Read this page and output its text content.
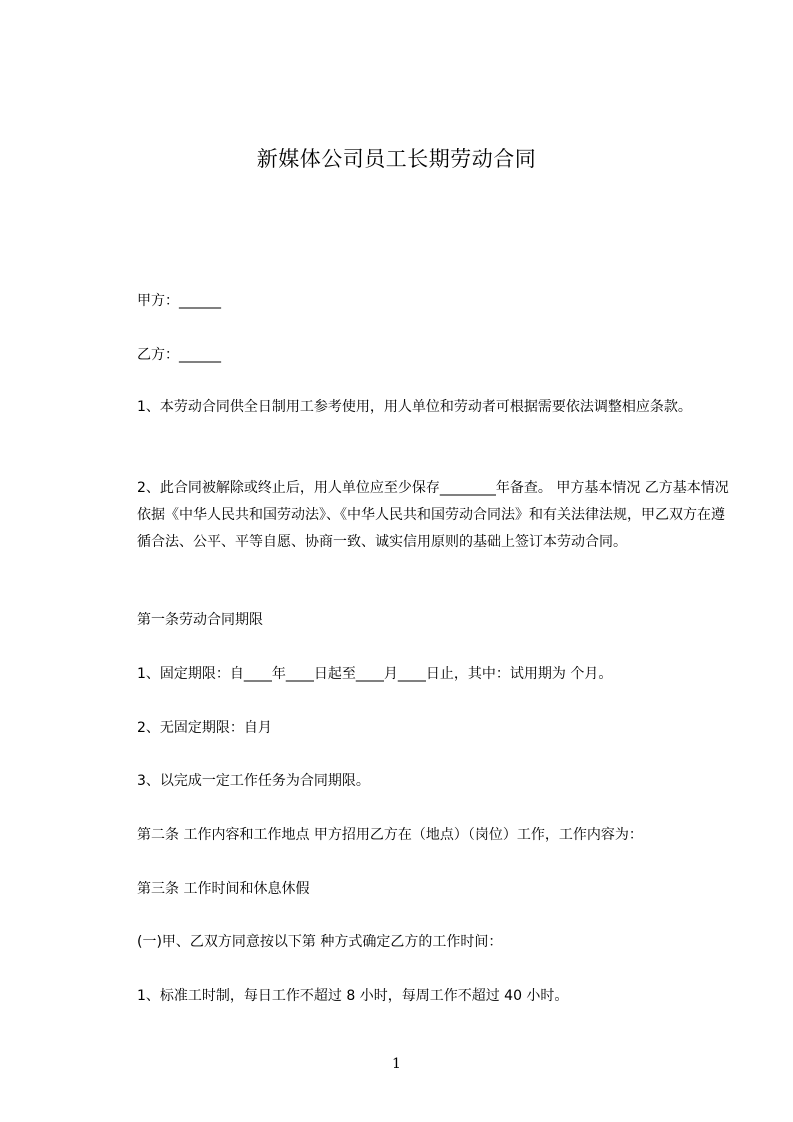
新媒体公司员工长期劳动合同
甲方：______
乙方：______
1、本劳动合同供全日制用工参考使用，用人单位和劳动者可根据需要依法调整相应条款。
2、此合同被解除或终止后，用人单位应至少保存________年备查。 甲方基本情况 乙方基本情况 依据《中华人民共和国劳动法》、《中华人民共和国劳动合同法》和有关法律法规，甲乙双方在遵循合法、公平、平等自愿、协商一致、诚实信用原则的基础上签订本劳动合同。
第一条劳动合同期限
1、固定期限：自____年____日起至____月____日止，其中：试用期为 个月。
2、无固定期限：自月
3、以完成一定工作任务为合同期限。
第二条 工作内容和工作地点 甲方招用乙方在（地点）（岗位）工作，工作内容为：
第三条 工作时间和休息休假
(一)甲、乙双方同意按以下第 种方式确定乙方的工作时间：
1、标准工时制，每日工作不超过 8 小时，每周工作不超过 40 小时。
1
